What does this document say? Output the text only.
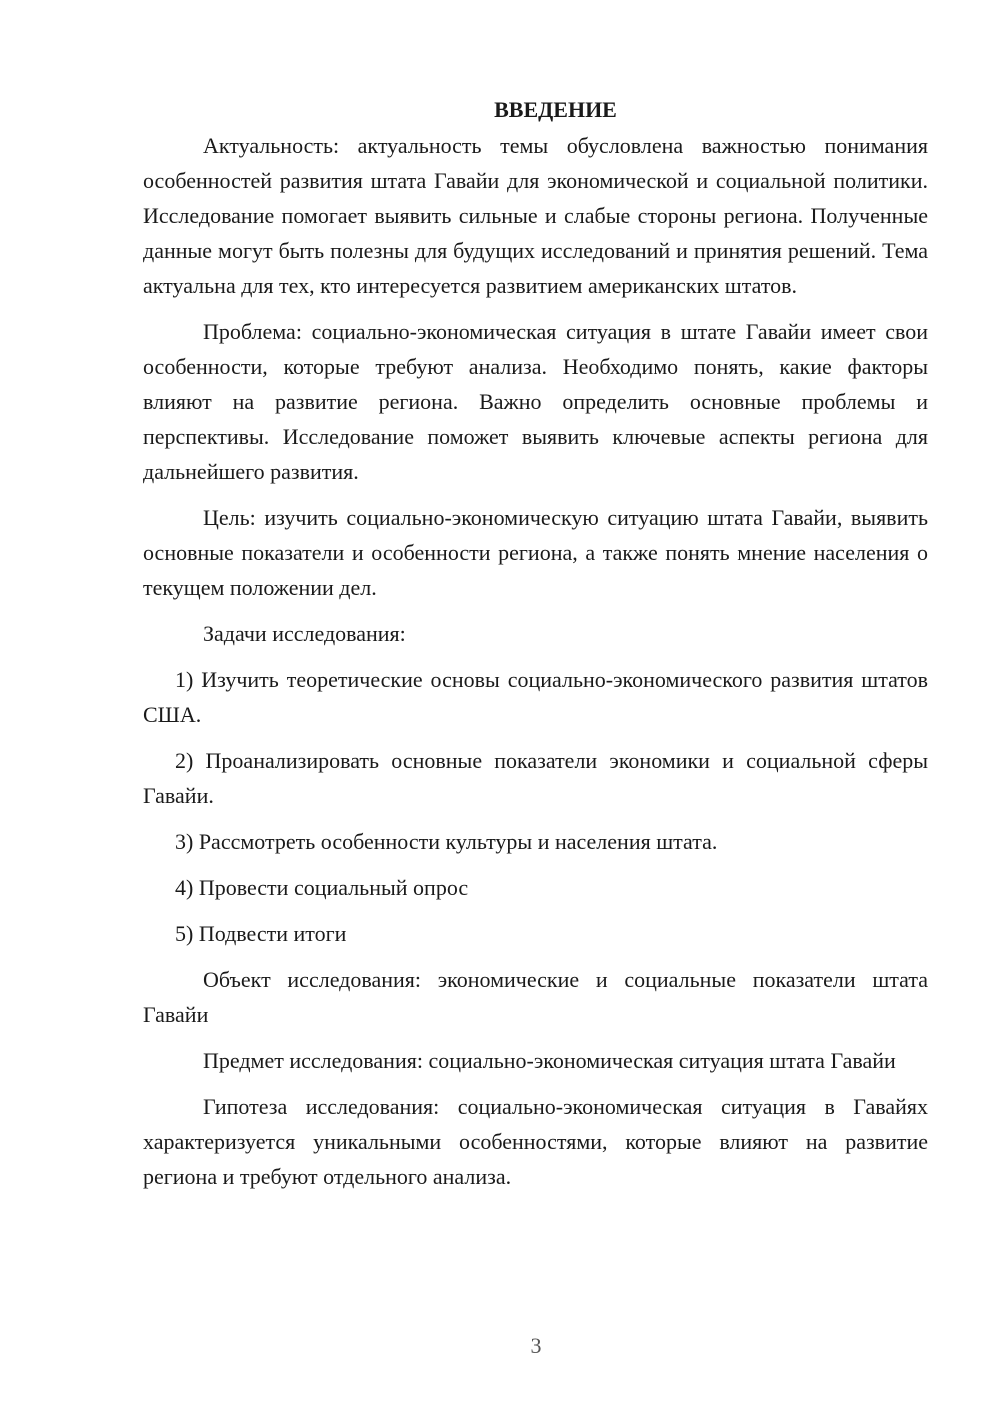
ВВЕДЕНИЕ

Актуальность: актуальность темы обусловлена важностью понимания особенностей развития штата Гавайи для экономической и социальной политики. Исследование помогает выявить сильные и слабые стороны региона. Полученные данные могут быть полезны для будущих исследований и принятия решений. Тема актуальна для тех, кто интересуется развитием американских штатов.

Проблема: социально-экономическая ситуация в штате Гавайи имеет свои особенности, которые требуют анализа. Необходимо понять, какие факторы влияют на развитие региона. Важно определить основные проблемы и перспективы. Исследование поможет выявить ключевые аспекты региона для дальнейшего развития.

Цель: изучить социально-экономическую ситуацию штата Гавайи, выявить основные показатели и особенности региона, а также понять мнение населения о текущем положении дел.

Задачи исследования:

1) Изучить теоретические основы социально-экономического развития штатов США.

2) Проанализировать основные показатели экономики и социальной сферы Гавайи.

3) Рассмотреть особенности культуры и населения штата.

4) Провести социальный опрос

5) Подвести итоги

Объект исследования: экономические и социальные показатели штата Гавайи

Предмет исследования: социально-экономическая ситуация штата Гавайи

Гипотеза исследования: социально-экономическая ситуация в Гавайях характеризуется уникальными особенностями, которые влияют на развитие региона и требуют отдельного анализа.

3
